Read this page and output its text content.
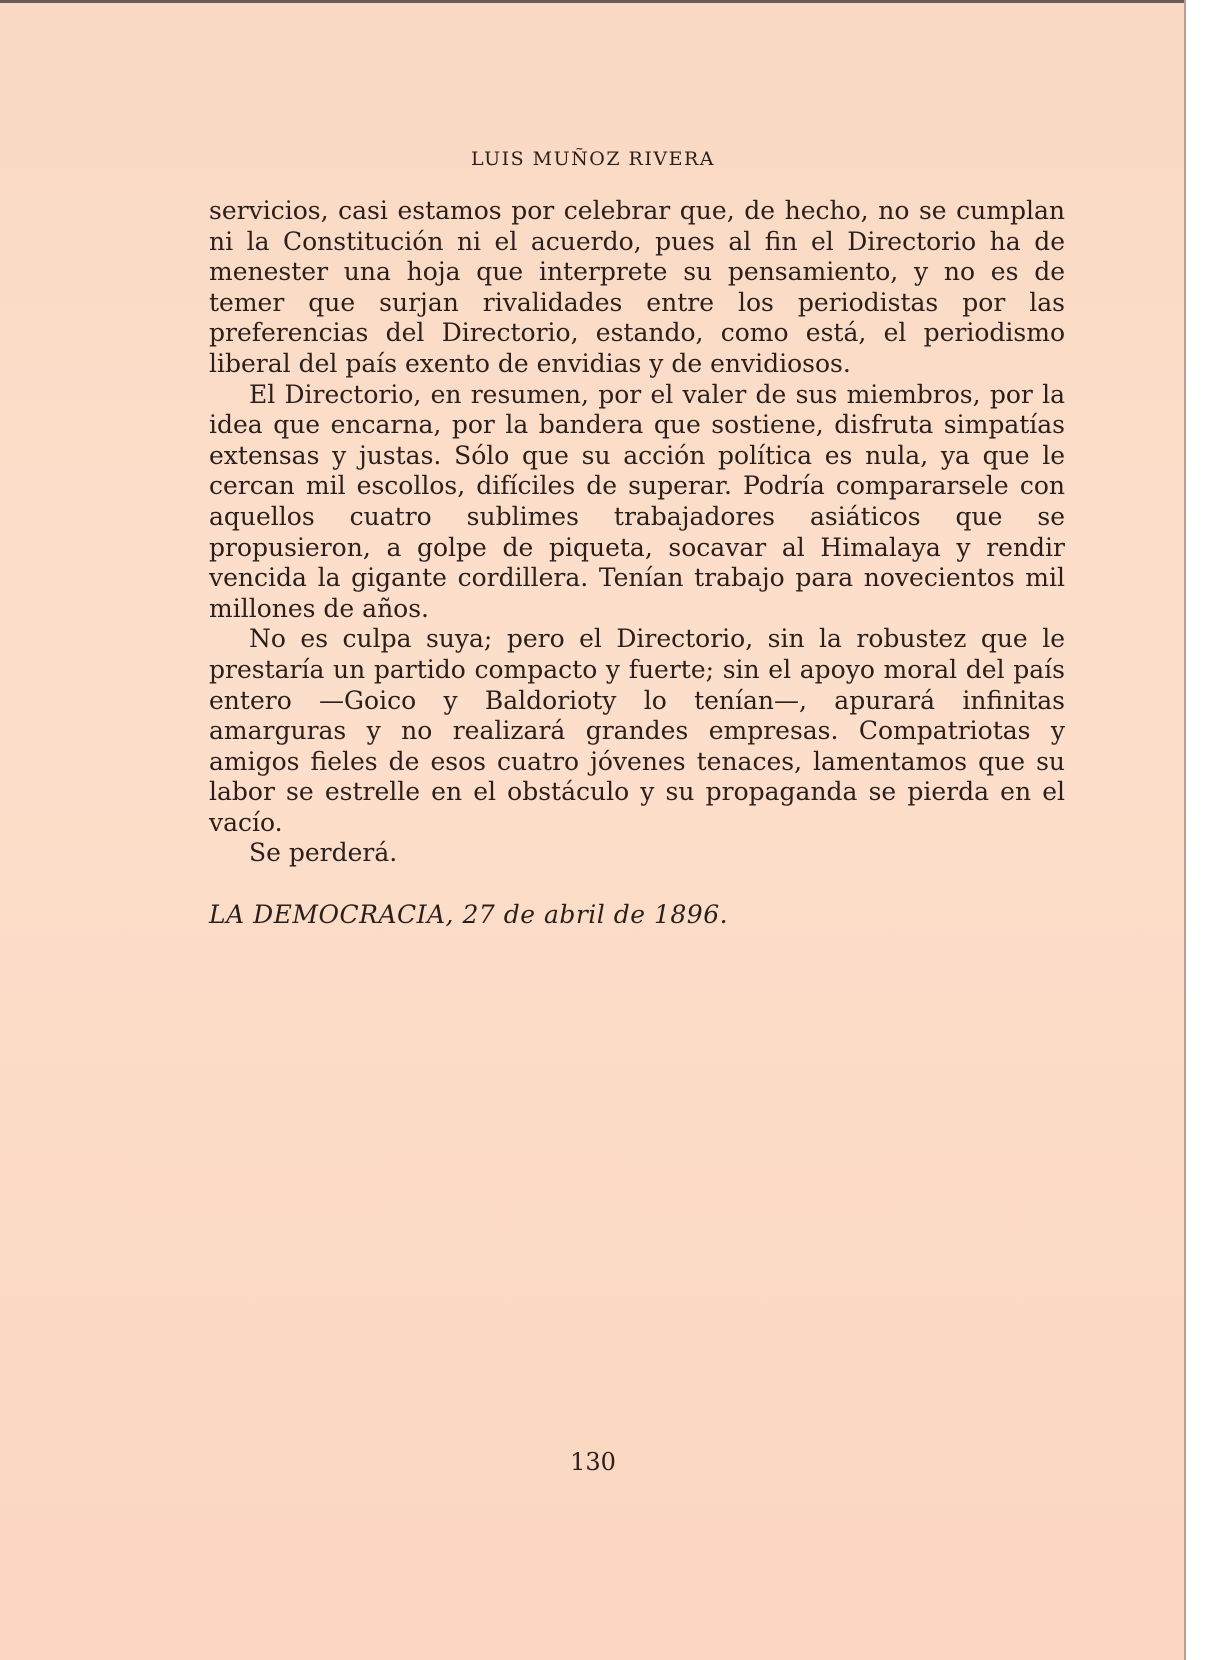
LUIS MUÑOZ RIVERA

servicios, casi estamos por celebrar que, de hecho, no se cumplan ni la Constitución ni el acuerdo, pues al fin el Directorio ha de menester una hoja que interprete su pensamiento, y no es de temer que surjan rivalidades entre los periodistas por las preferencias del Directorio, estando, como está, el periodismo liberal del país exento de envidias y de envidiosos.

El Directorio, en resumen, por el valer de sus miembros, por la idea que encarna, por la bandera que sostiene, disfruta simpatías extensas y justas. Sólo que su acción política es nula, ya que le cercan mil escollos, difíciles de superar. Podría compararsele con aquellos cuatro sublimes trabajadores asiáticos que se propusieron, a golpe de piqueta, socavar al Himalaya y rendir vencida la gigante cordillera. Tenían trabajo para novecientos mil millones de años.

No es culpa suya; pero el Directorio, sin la robustez que le prestaría un partido compacto y fuerte; sin el apoyo moral del país entero —Goico y Baldorioty lo tenían—, apurará infinitas amarguras y no realizará grandes empresas. Compatriotas y amigos fieles de esos cuatro jóvenes tenaces, lamentamos que su labor se estrelle en el obstáculo y su propaganda se pierda en el vacío.

Se perderá.

LA DEMOCRACIA, 27 de abril de 1896.
130
